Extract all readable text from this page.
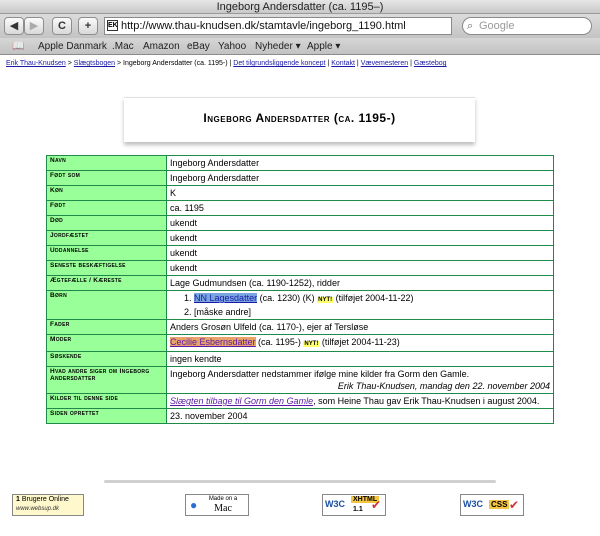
Ingeborg Andersdatter (ca. 1195–)
◀	▶	C	+	EK http://www.thau-knudsen.dk/stamtavle/ingeborg_1190.html	⌕ Google
📖 Apple Danmark .Mac Amazon eBay Yahoo Nyheder ▾ Apple ▾
Erik Thau-Knudsen > Slægtsbogen > Ingeborg Andersdatter (ca. 1195-) | Det tilgrundsliggende koncept | Kontakt | Vævemesteren | Gæstebog
Ingeborg Andersdatter (ca. 1195-)
Navn	Ingeborg Andersdatter
Født som	Ingeborg Andersdatter
Køn	K
Født	ca. 1195
Død	ukendt
Jordfæstet	ukendt
Uddannelse	ukendt
Seneste beskæftigelse	ukendt
Ægtefælle / Kæreste	Lage Gudmundsen (ca. 1190-1252), ridder
Børn	1. NN Lagesdatter (ca. 1230) (K) NYT! (tilføjet 2004-11-22)
2. [måske andre]

Fader	Anders Grosøn Ulfeld (ca. 1170-), ejer af Tersløse
Moder	Cecilie Esbernsdatter (ca. 1195-) NYT! (tilføjet 2004-11-23)
Søskende	ingen kendte
Hvad andre siger om Ingeborg Andersdatter	Ingeborg Andersdatter nedstammer ifølge mine kilder fra Gorm den Gamle.
Erik Thau-Knudsen, mandag den 22. november 2004

Kilder til denne side	Slægten tilbage til Gorm den Gamle, som Heine Thau gav Erik Thau-Knudsen i august 2004.
Siden oprettet	23. november 2004
1 Brugere Online
www.websup.dk	●	Made on a
Mac	W3C XHTML
1.1 ✔	W3C CSS ✔
